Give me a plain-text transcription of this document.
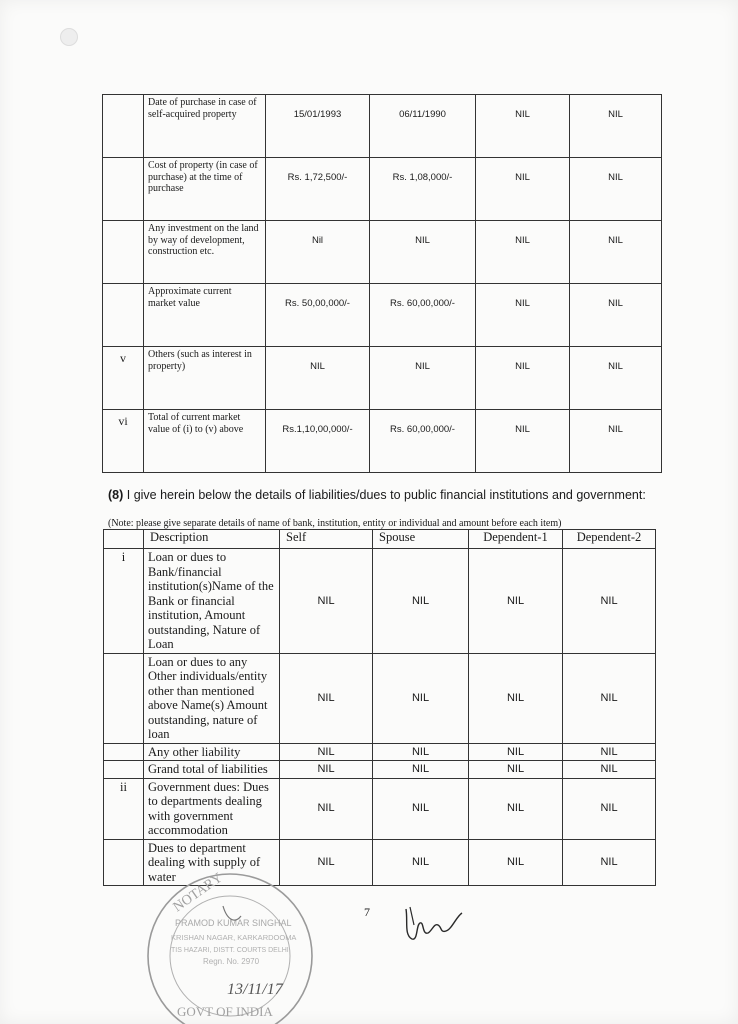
	Date of purchase in case of self-acquired property	15/01/1993	06/11/1990	NIL	NIL
	Cost of property (in case of purchase) at the time of purchase	Rs. 1,72,500/-	Rs. 1,08,000/-	NIL	NIL
	Any investment on the land by way of development, construction etc.	Nil	NIL	NIL	NIL
	Approximate current market value	Rs. 50,00,000/-	Rs. 60,00,000/-	NIL	NIL
v	Others (such as interest in property)	NIL	NIL	NIL	NIL
vi	Total of current market value of (i) to (v) above	Rs.1,10,00,000/-	Rs. 60,00,000/-	NIL	NIL
(8) I give herein below the details of liabilities/dues to public financial institutions and government:
(Note: please give separate details of name of bank, institution, entity or individual and amount before each item)
	Description	Self	Spouse	Dependent-1	Dependent-2
i	Loan or dues to Bank/financial institution(s)Name of the Bank or financial institution, Amount outstanding, Nature of Loan	NIL	NIL	NIL	NIL
	Loan or dues to any Other individuals/entity other than mentioned above Name(s) Amount outstanding, nature of loan	NIL	NIL	NIL	NIL
	Any other liability	NIL	NIL	NIL	NIL
	Grand total of liabilities	NIL	NIL	NIL	NIL
ii	Government dues: Dues to departments dealing with government accommodation	NIL	NIL	NIL	NIL
	Dues to department dealing with supply of water	NIL	NIL	NIL	NIL
7
NOTARY
GOVT OF INDIA
PRAMOD KUMAR SINGHAL
KRISHAN NAGAR, KARKARDOOMA
TIS HAZARI, DISTT. COURTS DELHI
Regn. No. 2970
13/11/17
